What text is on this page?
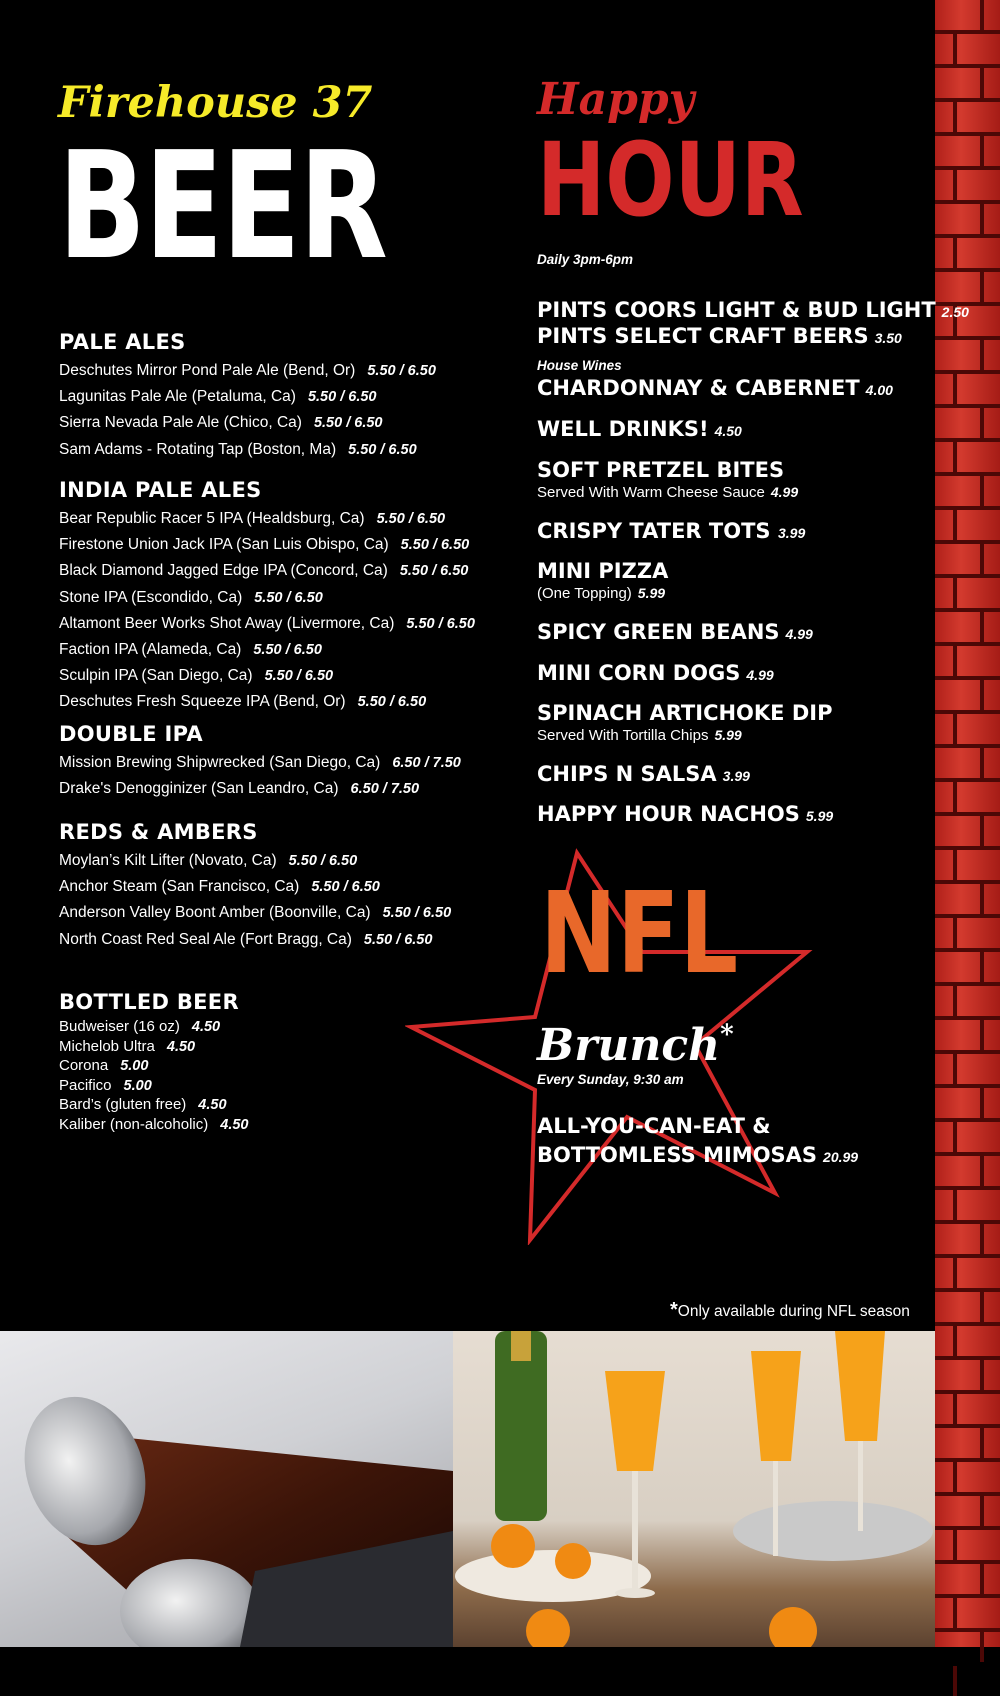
Firehouse 37
BEER
Happy
HOUR
Daily 3pm-6pm
PALE ALES
Deschutes Mirror Pond Pale Ale (Bend, Or) 5.50 / 6.50
Lagunitas Pale Ale (Petaluma, Ca) 5.50 / 6.50
Sierra Nevada Pale Ale (Chico, Ca) 5.50 / 6.50
Sam Adams - Rotating Tap (Boston, Ma) 5.50 / 6.50
INDIA PALE ALES
Bear Republic Racer 5 IPA (Healdsburg, Ca) 5.50 / 6.50
Firestone Union Jack IPA (San Luis Obispo, Ca) 5.50 / 6.50
Black Diamond Jagged Edge IPA (Concord, Ca) 5.50 / 6.50
Stone IPA (Escondido, Ca) 5.50 / 6.50
Altamont Beer Works Shot Away (Livermore, Ca) 5.50 / 6.50
Faction IPA (Alameda, Ca) 5.50 / 6.50
Sculpin IPA (San Diego, Ca) 5.50 / 6.50
Deschutes Fresh Squeeze IPA (Bend, Or) 5.50 / 6.50
DOUBLE IPA
Mission Brewing Shipwrecked (San Diego, Ca) 6.50 / 7.50
Drake's Denogginizer (San Leandro, Ca) 6.50 / 7.50
REDS & AMBERS
Moylan’s Kilt Lifter (Novato, Ca) 5.50 / 6.50
Anchor Steam (San Francisco, Ca) 5.50 / 6.50
Anderson Valley Boont Amber (Boonville, Ca) 5.50 / 6.50
North Coast Red Seal Ale (Fort Bragg, Ca) 5.50 / 6.50
BOTTLED BEER
Budweiser (16 oz) 4.50
Michelob Ultra 4.50
Corona 5.00
Pacifico 5.00
Bard’s (gluten free) 4.50
Kaliber (non-alcoholic) 4.50
PINTS COORS LIGHT & BUD LIGHT 2.50
PINTS SELECT CRAFT BEERS 3.50
House Wines
CHARDONNAY & CABERNET 4.00
WELL DRINKS! 4.50
SOFT PRETZEL BITES
Served With Warm Cheese Sauce 4.99
CRISPY TATER TOTS 3.99
MINI PIZZA
(One Topping) 5.99
SPICY GREEN BEANS 4.99
MINI CORN DOGS 4.99
SPINACH ARTICHOKE DIP
Served With Tortilla Chips 5.99
CHIPS N SALSA 3.99
HAPPY HOUR NACHOS 5.99
NFL
Brunch*
Every Sunday, 9:30 am
ALL-YOU-CAN-EAT &
BOTTOMLESS MIMOSAS 20.99
*Only available during NFL season
